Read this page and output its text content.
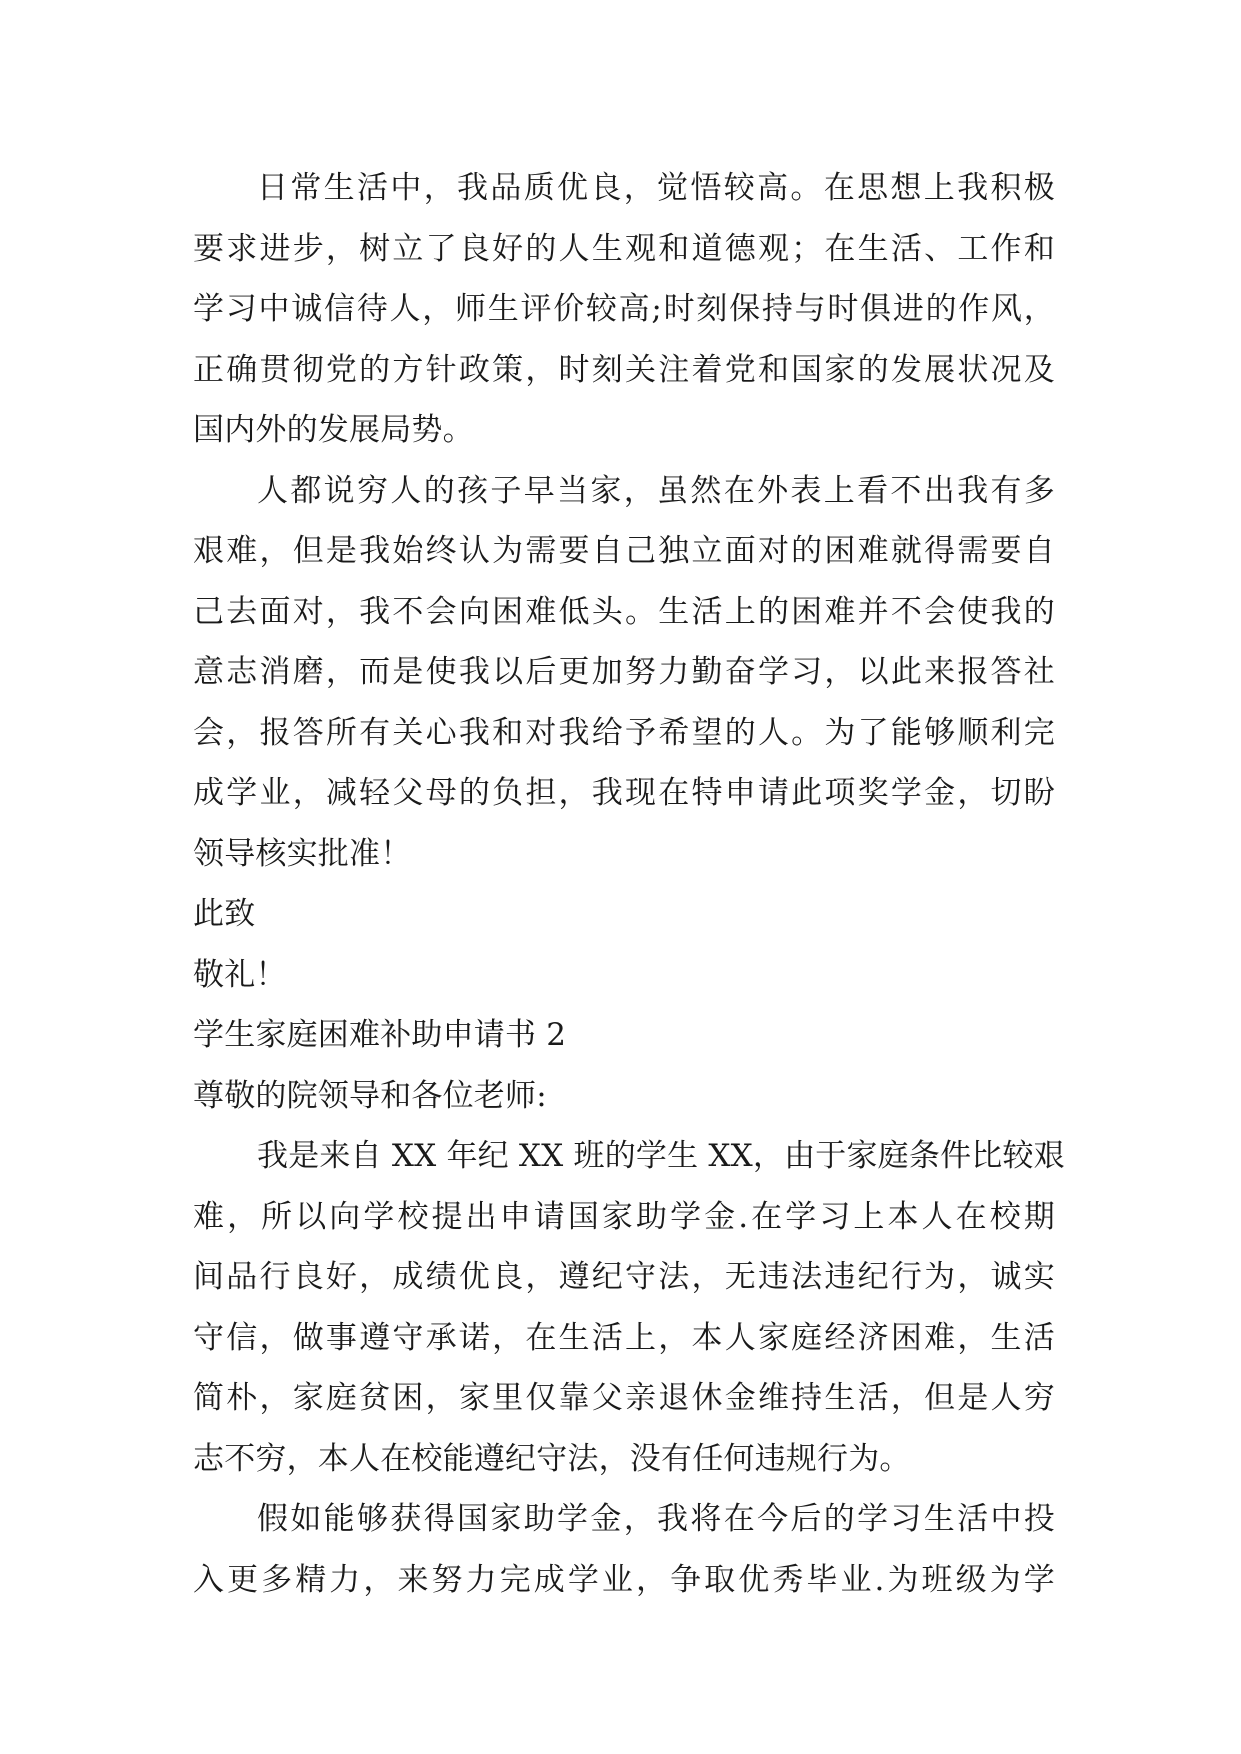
日常生活中，我品质优良，觉悟较高。在思想上我积极
要求进步，树立了良好的人生观和道德观；在生活、工作和
学习中诚信待人，师生评价较高;时刻保持与时俱进的作风，
正确贯彻党的方针政策，时刻关注着党和国家的发展状况及
国内外的发展局势。
人都说穷人的孩子早当家，虽然在外表上看不出我有多
艰难，但是我始终认为需要自己独立面对的困难就得需要自
己去面对，我不会向困难低头。生活上的困难并不会使我的
意志消磨，而是使我以后更加努力勤奋学习，以此来报答社
会，报答所有关心我和对我给予希望的人。为了能够顺利完
成学业，减轻父母的负担，我现在特申请此项奖学金，切盼
领导核实批准！
此致
敬礼！
学生家庭困难补助申请书 2
尊敬的院领导和各位老师:
我是来自 XX 年纪 XX 班的学生 XX，由于家庭条件比较艰
难，所以向学校提出申请国家助学金.在学习上本人在校期
间品行良好，成绩优良，遵纪守法，无违法违纪行为，诚实
守信，做事遵守承诺，在生活上，本人家庭经济困难，生活
简朴，家庭贫困，家里仅靠父亲退休金维持生活，但是人穷
志不穷，本人在校能遵纪守法，没有任何违规行为。
假如能够获得国家助学金，我将在今后的学习生活中投
入更多精力，来努力完成学业，争取优秀毕业.为班级为学
